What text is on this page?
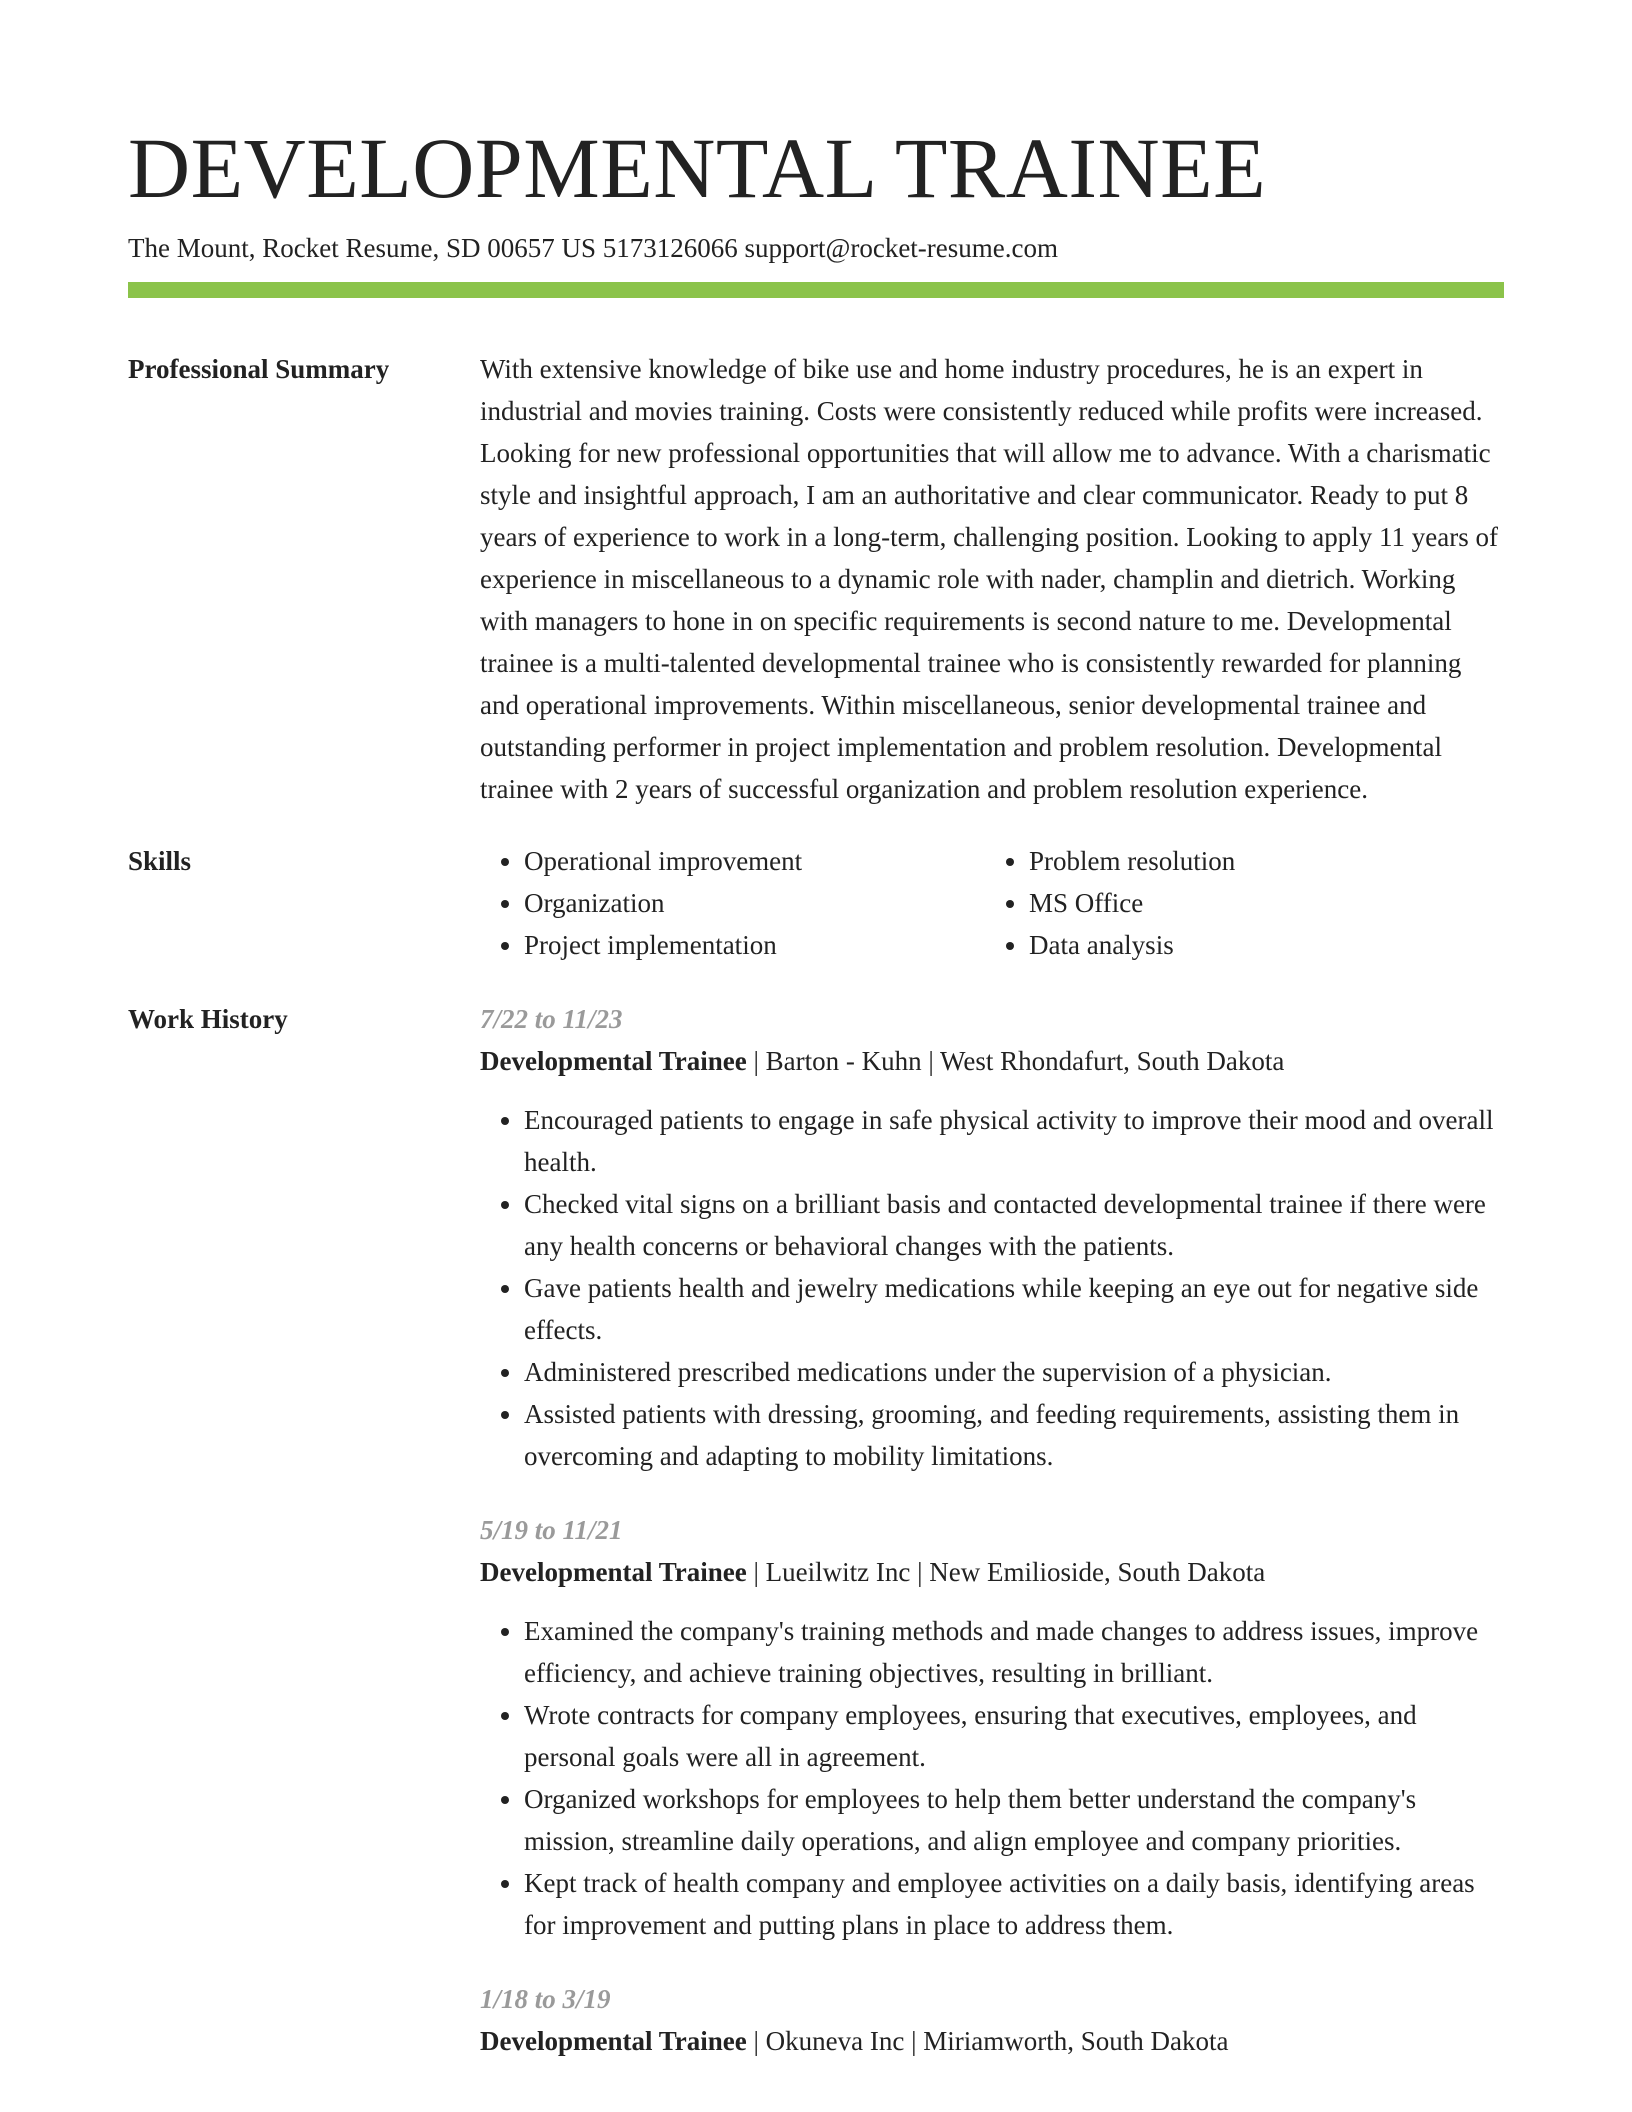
DEVELOPMENTAL TRAINEE
The Mount, Rocket Resume, SD 00657 US 5173126066 support@rocket-resume.com
Professional Summary	With extensive knowledge of bike use and home industry procedures, he is an expert in industrial and movies training. Costs were consistently reduced while profits were increased. Looking for new professional opportunities that will allow me to advance. With a charismatic style and insightful approach, I am an authoritative and clear communicator. Ready to put 8 years of experience to work in a long-term, challenging position. Looking to apply 11 years of experience in miscellaneous to a dynamic role with nader, champlin and dietrich. Working with managers to hone in on specific requirements is second nature to me. Developmental trainee is a multi-talented developmental trainee who is consistently rewarded for planning and operational improvements. Within miscellaneous, senior developmental trainee and outstanding performer in project implementation and problem resolution. Developmental trainee with 2 years of successful organization and problem resolution experience.

Skills
•	Operational improvement
• Organization
• Project implementation
• Problem resolution
• MS Office
• Data analysis
Work History	7/22 to 11/23
Developmental Trainee | Barton - Kuhn | West Rhondafurt, South Dakota
• Encouraged patients to engage in safe physical activity to improve their mood and overall health.
• Checked vital signs on a brilliant basis and contacted developmental trainee if there were any health concerns or behavioral changes with the patients.
• Gave patients health and jewelry medications while keeping an eye out for negative side effects.
• Administered prescribed medications under the supervision of a physician.
• Assisted patients with dressing, grooming, and feeding requirements, assisting them in overcoming and adapting to mobility limitations.
5/19 to 11/21
Developmental Trainee | Lueilwitz Inc | New Emilioside, South Dakota
• Examined the company's training methods and made changes to address issues, improve efficiency, and achieve training objectives, resulting in brilliant.
• Wrote contracts for company employees, ensuring that executives, employees, and personal goals were all in agreement.
• Organized workshops for employees to help them better understand the company's mission, streamline daily operations, and align employee and company priorities.
• Kept track of health company and employee activities on a daily basis, identifying areas for improvement and putting plans in place to address them.
1/18 to 3/19
Developmental Trainee | Okuneva Inc | Miriamworth, South Dakota
